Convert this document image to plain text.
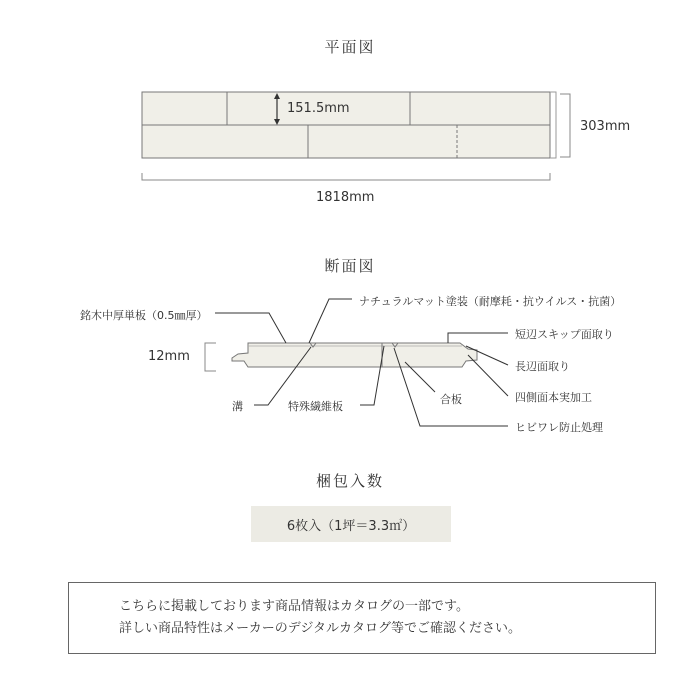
平面図
151.5mm
303mm
1818mm
断面図
12mm
銘木中厚単板（0.5㎜厚）
ナチュラルマット塗装（耐摩耗・抗ウイルス・抗菌）
短辺スキップ面取り
長辺面取り
四側面本実加工
ヒビワレ防止処理
溝	特殊繊維板
合板
梱包入数
6枚入（1坪＝3.3㎡）
こちらに掲載しております商品情報はカタログの一部です。
詳しい商品特性はメーカーのデジタルカタログ等でご確認ください。
